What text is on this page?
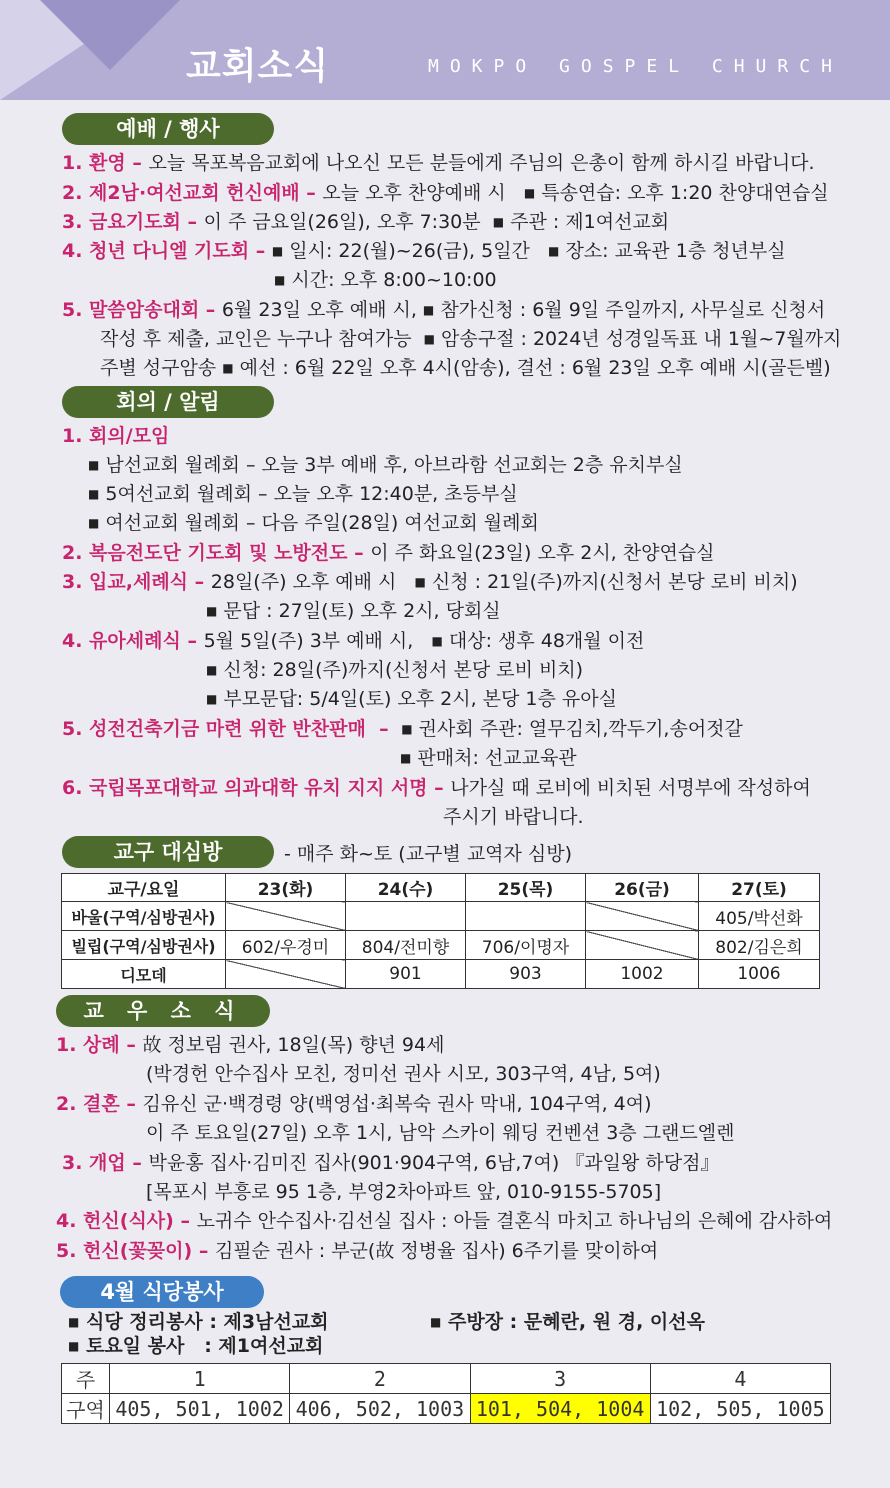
교회소식	MOKPO GOSPEL CHURCH
예배 / 행사
1. 환영 – 오늘 목포복음교회에 나오신 모든 분들에게 주님의 은총이 함께 하시길 바랍니다.
2. 제2남·여선교회 헌신예배 – 오늘 오후 찬양예배 시 ■ 특송연습: 오후 1:20 찬양대연습실
3. 금요기도회 – 이 주 금요일(26일), 오후 7:30분 ■ 주관 : 제1여선교회
4. 청년 다니엘 기도회 – ■ 일시: 22(월)~26(금), 5일간 ■ 장소: 교육관 1층 청년부실
■ 시간: 오후 8:00~10:00
5. 말씀암송대회 – 6월 23일 오후 예배 시, ■ 참가신청 : 6월 9일 주일까지, 사무실로 신청서
작성 후 제출, 교인은 누구나 참여가능 ■ 암송구절 : 2024년 성경일독표 내 1월~7월까지
주별 성구암송 ■ 예선 : 6월 22일 오후 4시(암송), 결선 : 6월 23일 오후 예배 시(골든벨)
회의 / 알림
1. 회의/모임
■ 남선교회 월례회 – 오늘 3부 예배 후, 아브라함 선교회는 2층 유치부실
■ 5여선교회 월례회 – 오늘 오후 12:40분, 초등부실
■ 여선교회 월례회 – 다음 주일(28일) 여선교회 월례회
2. 복음전도단 기도회 및 노방전도 – 이 주 화요일(23일) 오후 2시, 찬양연습실
3. 입교,세례식 – 28일(주) 오후 예배 시 ■ 신청 : 21일(주)까지(신청서 본당 로비 비치)
■ 문답 : 27일(토) 오후 2시, 당회실
4. 유아세례식 – 5월 5일(주) 3부 예배 시, ■ 대상: 생후 48개월 이전
■ 신청: 28일(주)까지(신청서 본당 로비 비치)
■ 부모문답: 5/4일(토) 오후 2시, 본당 1층 유아실
5. 성전건축기금 마련 위한 반찬판매  –  ■ 권사회 주관: 열무김치,깍두기,송어젓갈
■ 판매처: 선교교육관
6. 국립목포대학교 의과대학 유치 지지 서명 – 나가실 때 로비에 비치된 서명부에 작성하여
주시기 바랍니다.
교구 대심방	- 매주 화~토 (교구별 교역자 심방)
교구/요일	23(화)	24(수)	25(목)	26(금)	27(토)
바울(구역/심방권사)					405/박선화
빌립(구역/심방권사)	602/우경미	804/전미향	706/이명자		802/김은희
디모데		901	903	1002	1006
교 우 소 식
1. 상례 – 故 정보림 권사, 18일(목) 향년 94세
(박경헌 안수집사 모친, 정미선 권사 시모, 303구역, 4남, 5여)
2. 결혼 – 김유신 군·백경령 양(백영섭·최복숙 권사 막내, 104구역, 4여)
이 주 토요일(27일) 오후 1시, 남악 스카이 웨딩 컨벤션 3층 그랜드엘렌
3. 개업 – 박윤홍 집사·김미진 집사(901·904구역, 6남,7여) 『과일왕 하당점』
[목포시 부흥로 95 1층, 부영2차아파트 앞, 010-9155-5705]
4. 헌신(식사) – 노귀수 안수집사·김선실 집사 : 아들 결혼식 마치고 하나님의 은혜에 감사하여
5. 헌신(꽃꽂이) – 김필순 권사 : 부군(故 정병율 집사) 6주기를 맞이하여
4월 식당봉사
■ 식당 정리봉사 : 제3남선교회
■ 토요일 봉사   : 제1여선교회
■ 주방장 : 문혜란, 원 경, 이선옥
주	1	2	3	4
구역	405, 501, 1002	406, 502, 1003	101, 504, 1004	102, 505, 1005
